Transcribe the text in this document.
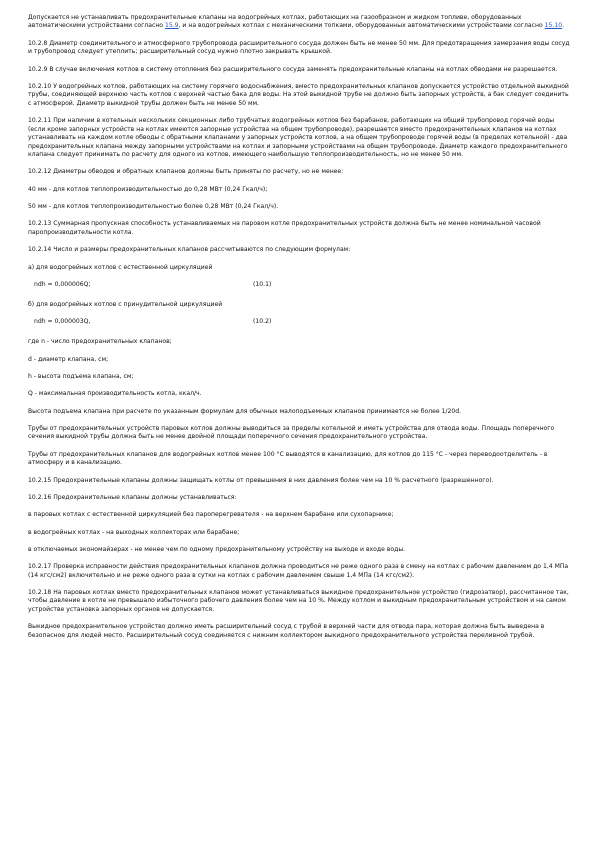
Допускается не устанавливать предохранительные клапаны на водогрейных котлах, работающих на газообразном и жидком топливе, оборудованных автоматическими устройствами согласно 15.9, и на водогрейных котлах с механическими топками, оборудованных автоматическими устройствами согласно 15.10.

10.2.8 Диаметр соединительного и атмосферного трубопровода расширительного сосуда должен быть не менее 50 мм. Для предотвращения замерзания воды сосуд и трубопровод следует утеплить; расширительный сосуд нужно плотно закрывать крышкой.

10.2.9 В случае включения котлов в систему отопления без расширительного сосуда заменять предохранительные клапаны на котлах обводами не разрешается.

10.2.10 У водогрейных котлов, работающих на систему горячего водоснабжения, вместо предохранительных клапанов допускается устройство отдельной выкидной трубы, соединяющей верхнюю часть котлов с верхней частью бака для воды. На этой выкидной трубе не должно быть запорных устройств, а бак следует соединить с атмосферой. Диаметр выкидной трубы должен быть не менее 50 мм.

10.2.11 При наличии в котельных нескольких секционных либо трубчатых водогрейных котлов без барабанов, работающих на общий трубопровод горячей воды (если кроме запорных устройств на котлах имеются запорные устройства на общем трубопроводе), разрешается вместо предохранительных клапанов на котлах устанавливать на каждом котле обводы с обратными клапанами у запорных устройств котлов, а на общем трубопроводе горячей воды (в пределах котельной) - два предохранительных клапана между запорными устройствами на котлах и запорными устройствами на общем трубопроводе. Диаметр каждого предохранительного клапана следует принимать по расчету для одного из котлов, имеющего наибольшую теплопроизводительность, но не менее 50 мм.

10.2.12 Диаметры обводов и обратных клапанов должны быть приняты по расчету, но не менее:

40 мм - для котлов теплопроизводительностью до 0,28 МВт (0,24 Гкал/ч);

50 мм - для котлов теплопроизводительностью более 0,28 МВт (0,24 Гкал/ч).

10.2.13 Суммарная пропускная способность устанавливаемых на паровом котле предохранительных устройств должна быть не менее номинальной часовой паропроизводительности котла.

10.2.14 Число и размеры предохранительных клапанов рассчитываются по следующим формулам:

а) для водогрейных котлов с естественной циркуляцией

ndh = 0,000006Q;	(10.1)

б) для водогрейных котлов с принудительной циркуляцией

ndh = 0,000003Q,	(10.2)

где n - число предохранительных клапанов;

d - диаметр клапана, см;

h - высота подъема клапана, см;

Q - максимальная производительность котла, ккал/ч.

Высота подъема клапана при расчете по указанным формулам для обычных малоподъемных клапанов принимается не более 1/20d.

Трубы от предохранительных устройств паровых котлов должны выводиться за пределы котельной и иметь устройства для отвода воды. Площадь поперечного сечения выкидной трубы должна быть не менее двойной площади поперечного сечения предохранительного устройства.

Трубы от предохранительных клапанов для водогрейных котлов менее 100 °С выводятся в канализацию, для котлов до 115 °С - через переводоотделитель - в атмосферу и в канализацию.

10.2.15 Предохранительные клапаны должны защищать котлы от превышения в них давления более чем на 10 % расчетного (разрешенного).

10.2.16 Предохранительные клапаны должны устанавливаться:

в паровых котлах с естественной циркуляцией без пароперегревателя - на верхнем барабане или сухопарнике;

в водогрейных котлах - на выходных коллекторах или барабане;

в отключаемых экономайзерах - не менее чем по одному предохранительному устройству на выходе и входе воды.

10.2.17 Проверка исправности действия предохранительных клапанов должна проводиться не реже одного раза в смену на котлах с рабочим давлением до 1,4 МПа (14 кгс/см2) включительно и не реже одного раза в сутки на котлах с рабочим давлением свыше 1,4 МПа (14 кгс/см2).

10.2.18 На паровых котлах вместо предохранительных клапанов может устанавливаться выкидное предохранительное устройство (гидрозатвор), рассчитанное так, чтобы давление в котле не превышало избыточного рабочего давления более чем на 10 %. Между котлом и выкидным предохранительным устройством и на самом устройстве установка запорных органов не допускается.

Выкидное предохранительное устройство должно иметь расширительный сосуд с трубой в верхней части для отвода пара, которая должна быть выведена в безопасное для людей место. Расширительный сосуд соединяется с нижним коллектором выкидного предохранительного устройства переливной трубой.
